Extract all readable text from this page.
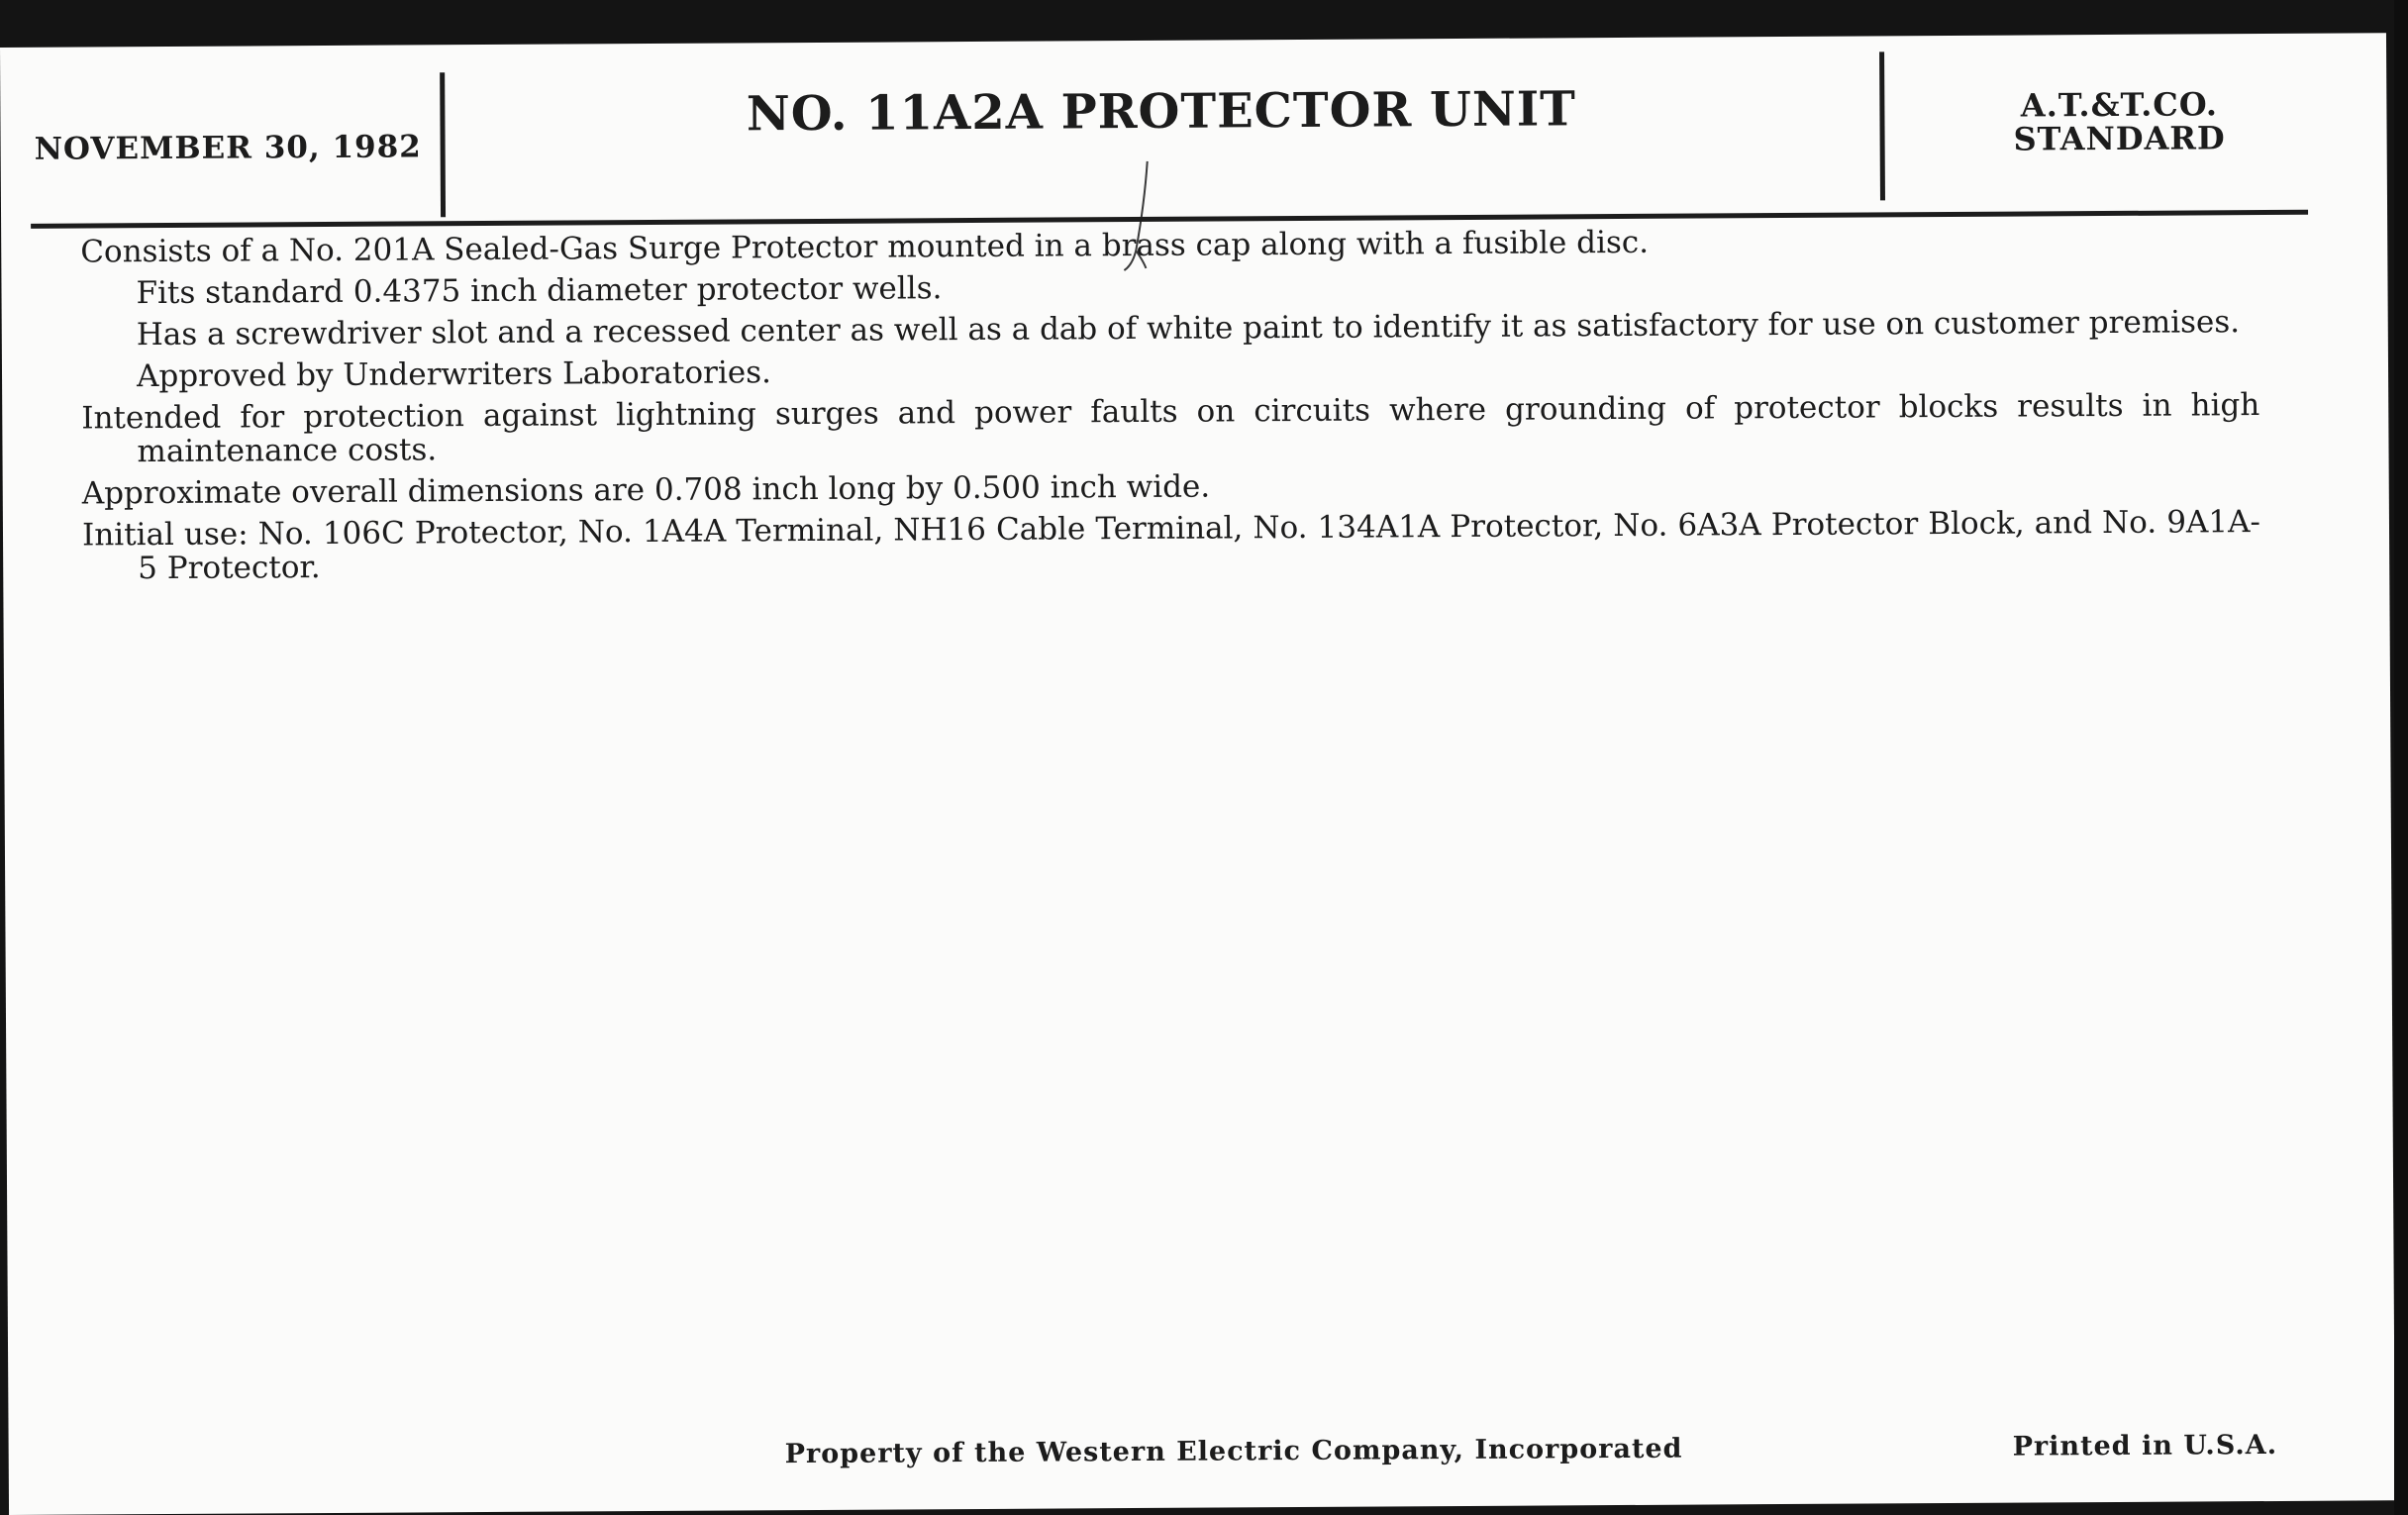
NOVEMBER 30, 1982
NO. 11A2A PROTECTOR UNIT	A.T.&T.CO.
STANDARD

Consists of a No. 201A Sealed-Gas Surge Protector mounted in a brass cap along with a fusible disc.

Fits standard 0.4375 inch diameter protector wells.

Has a screwdriver slot and a recessed center as well as a dab of white paint to identify it as satisfactory for use on customer premises.

Approved by Underwriters Laboratories.

Intended for protection against lightning surges and power faults on circuits where grounding of protector blocks results in high maintenance costs.

Approximate overall dimensions are 0.708 inch long by 0.500 inch wide.

Initial use: No. 106C Protector, No. 1A4A Terminal, NH16 Cable Terminal, No. 134A1A Protector, No. 6A3A Protector Block, and No. 9A1A-5 Protector.

Property of the Western Electric Company, Incorporated	Printed in U.S.A.
